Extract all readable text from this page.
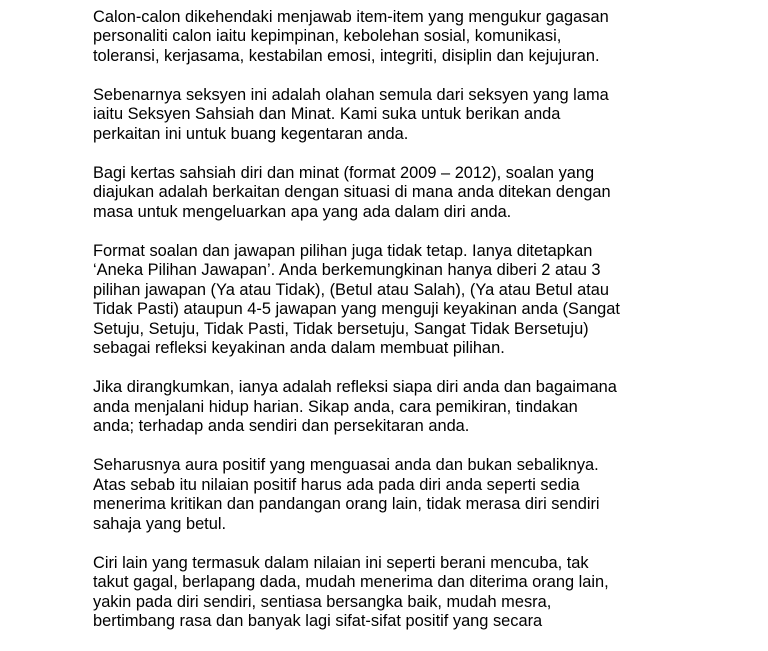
Calon-calon dikehendaki menjawab item-item yang mengukur gagasan
personaliti calon iaitu kepimpinan, kebolehan sosial, komunikasi,
toleransi, kerjasama, kestabilan emosi, integriti, disiplin dan kejujuran.

Sebenarnya seksyen ini adalah olahan semula dari seksyen yang lama
iaitu Seksyen Sahsiah dan Minat. Kami suka untuk berikan anda
perkaitan ini untuk buang kegentaran anda.

Bagi kertas sahsiah diri dan minat (format 2009 – 2012), soalan yang
diajukan adalah berkaitan dengan situasi di mana anda ditekan dengan
masa untuk mengeluarkan apa yang ada dalam diri anda.

Format soalan dan jawapan pilihan juga tidak tetap. Ianya ditetapkan
‘Aneka Pilihan Jawapan’. Anda berkemungkinan hanya diberi 2 atau 3
pilihan jawapan (Ya atau Tidak), (Betul atau Salah), (Ya atau Betul atau
Tidak Pasti) ataupun 4-5 jawapan yang menguji keyakinan anda (Sangat
Setuju, Setuju, Tidak Pasti, Tidak bersetuju, Sangat Tidak Bersetuju)
sebagai refleksi keyakinan anda dalam membuat pilihan.

Jika dirangkumkan, ianya adalah refleksi siapa diri anda dan bagaimana
anda menjalani hidup harian. Sikap anda, cara pemikiran, tindakan
anda; terhadap anda sendiri dan persekitaran anda.

Seharusnya aura positif yang menguasai anda dan bukan sebaliknya.
Atas sebab itu nilaian positif harus ada pada diri anda seperti sedia
menerima kritikan dan pandangan orang lain, tidak merasa diri sendiri
sahaja yang betul.

Ciri lain yang termasuk dalam nilaian ini seperti berani mencuba, tak
takut gagal, berlapang dada, mudah menerima dan diterima orang lain,
yakin pada diri sendiri, sentiasa bersangka baik, mudah mesra,
bertimbang rasa dan banyak lagi sifat-sifat positif yang secara
